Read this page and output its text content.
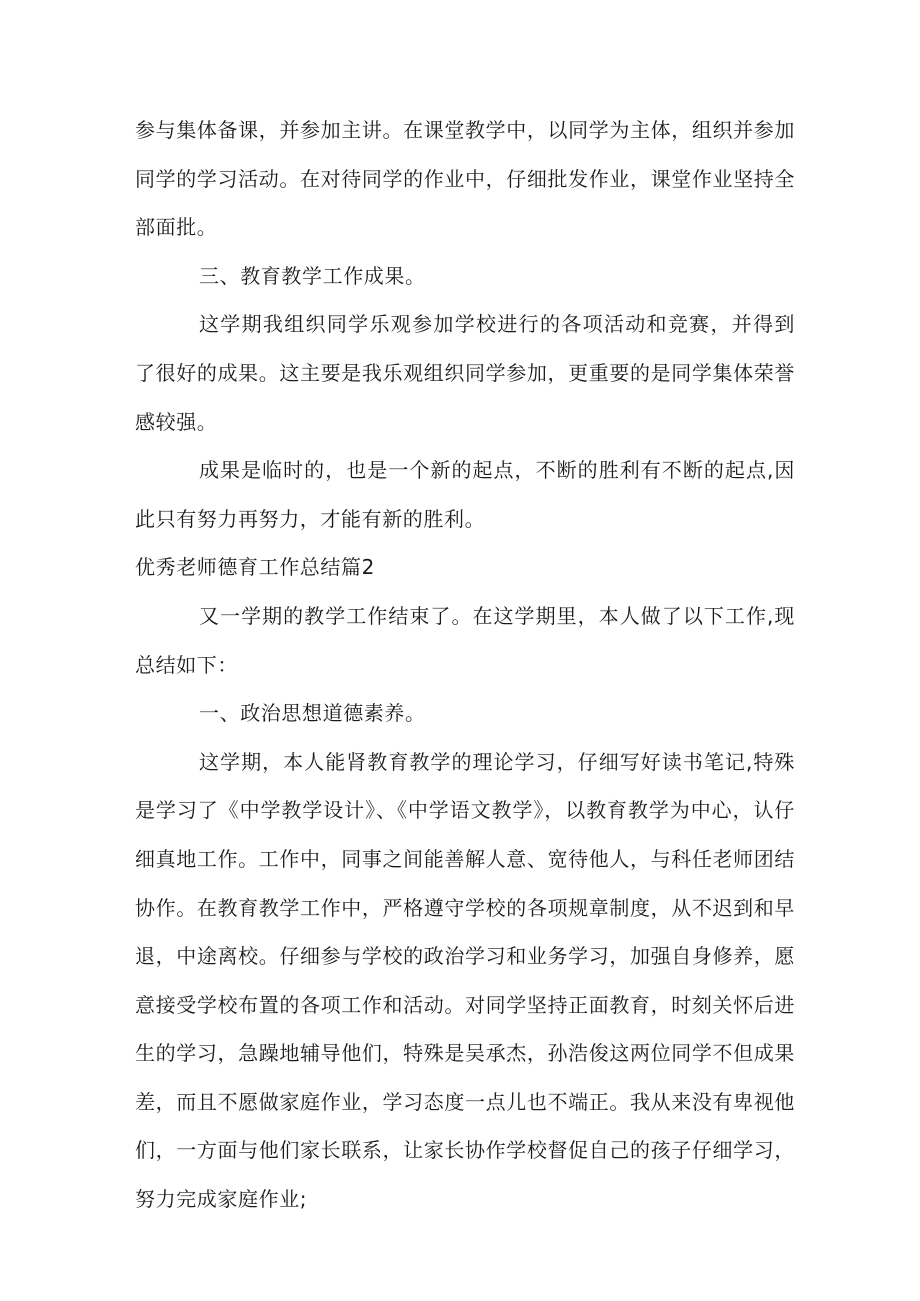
参与集体备课，并参加主讲。在课堂教学中，以同学为主体，组织并参加同学的学习活动。在对待同学的作业中，仔细批发作业，课堂作业坚持全部面批。

三、教育教学工作成果。

这学期我组织同学乐观参加学校进行的各项活动和竞赛，并得到了很好的成果。这主要是我乐观组织同学参加，更重要的是同学集体荣誉感较强。

成果是临时的，也是一个新的起点，不断的胜利有不断的起点,因此只有努力再努力，才能有新的胜利。

优秀老师德育工作总结篇2

又一学期的教学工作结束了。在这学期里，本人做了以下工作,现总结如下：

一、政治思想道德素养。

这学期，本人能肾教育教学的理论学习，仔细写好读书笔记,特殊是学习了《中学教学设计》、《中学语文教学》，以教育教学为中心，认仔细真地工作。工作中，同事之间能善解人意、宽待他人，与科任老师团结协作。在教育教学工作中，严格遵守学校的各项规章制度，从不迟到和早退，中途离校。仔细参与学校的政治学习和业务学习，加强自身修养，愿意接受学校布置的各项工作和活动。对同学坚持正面教育，时刻关怀后进生的学习，急躁地辅导他们，特殊是吴承杰，孙浩俊这两位同学不但成果差，而且不愿做家庭作业，学习态度一点儿也不端正。我从来没有卑视他们，一方面与他们家长联系，让家长协作学校督促自己的孩子仔细学习，努力完成家庭作业;
